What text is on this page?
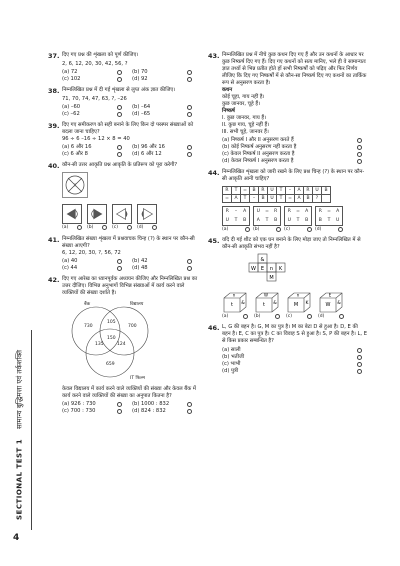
SECTIONAL TEST 1
सामान्य बुद्धिमत्ता एवं तर्कशक्ति
4
37. दिए गए प्रश्न की शृंखला को पूर्ण कीजिए।
2, 6, 12, 20, 30, 42, 56, ?
(a) 72	(b) 70
(c) 102	(d) 92
38. निम्नलिखित प्रश्न में दी गई शृंखला से लुप्त अंक ज्ञात कीजिए।
71, 70, 74, 47, 63, ?, –26
(a) –60	(b) –64
(c) –62	(d) –65
39. दिए गए समीकरण को सही बनाने के लिए किन दो परस्पर संख्याओं को बदला जाना चाहिए?
96 ÷ 6 –16 ÷ 12 × 8 = 40
(a) 6 और 16	(b) 96 और 16
(c) 6 और 8	(d) 6 और 12
40. कौन-सी उत्तर आकृति प्रश्न आकृति के प्रतिरूप को पूरा करेगी?
?
(a)	(b)	(c)	(d)
41. निम्नलिखित संख्या शृंखला में प्रश्नवाचक चिन्ह (?) के स्थान पर कौन-सी संख्या आएगी?
6, 12, 20, 30, ?, 56, 72
(a) 40	(b) 42
(c) 44	(d) 48
42. दिए गए आरेख का ध्यानपूर्वक अध्ययन कीजिए और निम्नलिखित प्रश्न का उत्तर दीजिए। विभिन्न अनुभागों विभिन्न संख्याओं में कार्य करने वाले व्यक्तियों की संख्या दर्शाते है।
बैंक	विद्यालय
730	700
105
150
135	124
659
IT फिल्म
केवल विद्यालय में कार्य करने वाले व्यक्तियों की संख्या और केवल बैंक में कार्य करने वाले व्यक्तियों की संख्या का अनुपात कितना है?
(a) 926 : 730	(b) 1000 : 832
(c) 700 : 730	(d) 824 : 832
43. निम्नलिखित प्रश्न में नीचे कुछ कथन दिए गए हैं और उन कथनों के आधार पर कुछ निष्कर्ष दिए गए हैं। दिए गए कथनों को सत्य मानिए, भले ही वे सामान्यतः ज्ञात तथ्यों से भिन्न प्रतीत होते हों सभी निष्कर्षों को पढ़िए और फिर निर्णय लीजिए कि दिए गए निष्कर्षों में से कौन-सा निष्कर्ष दिए गए कथनों का तार्किक रूप से अनुसरण करता है।
कथन
कोई चूहा, गाय नहीं है।
कुछ जानवर, चूहे हैं।
निष्कर्ष
I. कुछ जानवर, गाय हैं।
II. कुछ गाय, चूहे नहीं हैं।
III. सभी चूहे, जानवर हैं।
(a) निष्कर्ष I और II अनुसरण करते हैं
(b) कोई निष्कर्ष अनुसरण नहीं करता है
(c) केवल निष्कर्ष II अनुसरण करता है
(d) केवल निष्कर्ष I अनुसरण करता है
44. निम्नलिखित शृंखला को जारी रखने के लिए प्रश्न चिन्ह (?) के स्थान पर कौन-सी आकृति आनी चाहिए?
R	T	=	B	R	U	T	–	A	R	U	B
=	A	T	–	B	U	T	=	A	B	?	
R	–	A
U	T	B
U	=	R
A	T	B
R	=	A
U	T	B
R	=	A
B	T	U
(a)	(b)	(c)	(d)
45. यदि दी गई शीट को एक घन बनाने के लिए मोड़ा जाए तो निम्नलिखित में से कौन-सी आकृति संभव नहीं है?
&
W E n K
M
n
t &
W
t &
n
M K
E
W &
(a)	(b)	(c)	(d)
46. L, G की बहन है। G, M का पुत्र है। M का बेटा D से हुआ है। D, E की बहन है। E, C का पुत्र है। C का विवाह S से हुआ है। S, P की बहन है। L, E से किस प्रकार सम्बन्धित है?
(a) साली
(b) भतीजी
(c) भाभी
(d) पुत्री
